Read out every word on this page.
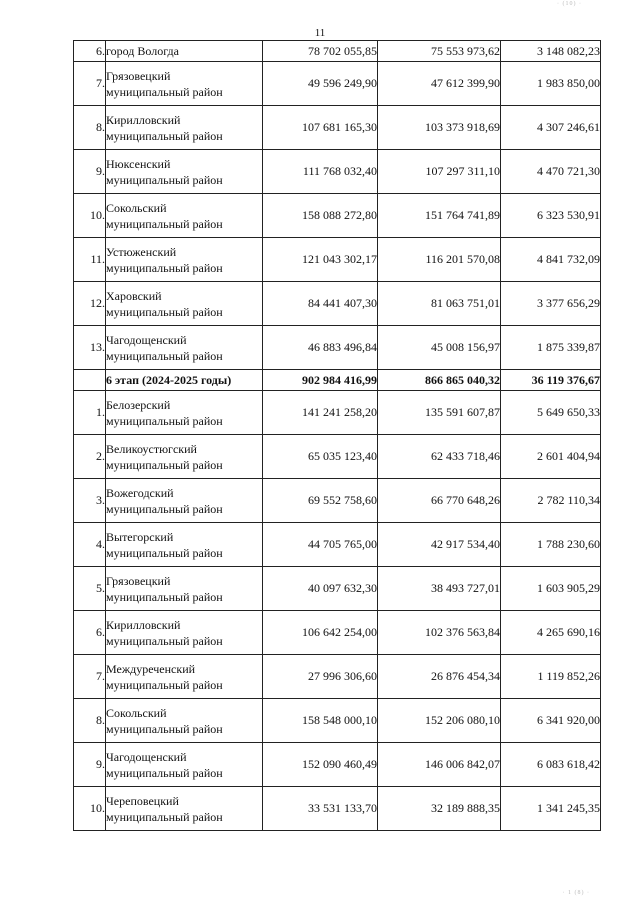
· (10) ·
11
6.	город Вологда	78 702 055,85	75 553 973,62	3 148 082,23
7.	Грязовецкий
муниципальный район	49 596 249,90	47 612 399,90	1 983 850,00
8.	Кирилловский
муниципальный район	107 681 165,30	103 373 918,69	4 307 246,61
9.	Нюксенский
муниципальный район	111 768 032,40	107 297 311,10	4 470 721,30
10.	Сокольский
муниципальный район	158 088 272,80	151 764 741,89	6 323 530,91
11.	Устюженский
муниципальный район	121 043 302,17	116 201 570,08	4 841 732,09
12.	Харовский
муниципальный район	84 441 407,30	81 063 751,01	3 377 656,29
13.	Чагодощенский
муниципальный район	46 883 496,84	45 008 156,97	1 875 339,87

	6 этап (2024-2025 годы)	902 984 416,99	866 865 040,32	36 119 376,67
1.	Белозерский
муниципальный район	141 241 258,20	135 591 607,87	5 649 650,33
2.	Великоустюгский
муниципальный район	65 035 123,40	62 433 718,46	2 601 404,94
3.	Вожегодский
муниципальный район	69 552 758,60	66 770 648,26	2 782 110,34
4.	Вытегорский
муниципальный район	44 705 765,00	42 917 534,40	1 788 230,60
5.	Грязовецкий
муниципальный район	40 097 632,30	38 493 727,01	1 603 905,29
6.	Кирилловский
муниципальный район	106 642 254,00	102 376 563,84	4 265 690,16
7.	Междуреченский
муниципальный район	27 996 306,60	26 876 454,34	1 119 852,26
8.	Сокольский
муниципальный район	158 548 000,10	152 206 080,10	6 341 920,00
9.	Чагодощенский
муниципальный район	152 090 460,49	146 006 842,07	6 083 618,42
10.	Череповецкий
муниципальный район	33 531 133,70	32 189 888,35	1 341 245,35
· 1 (8) ·
